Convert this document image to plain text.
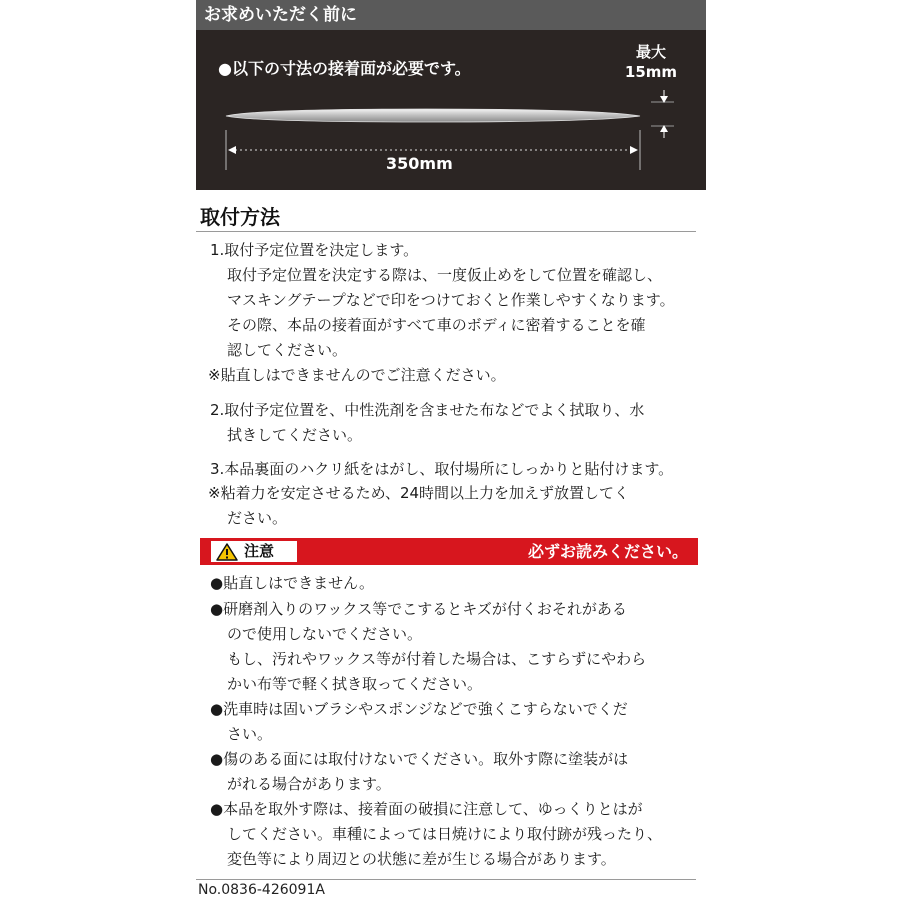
お求めいただく前に
●以下の寸法の接着面が必要です。
最大
15mm
350mm
取付方法
1.取付予定位置を決定します。
取付予定位置を決定する際は、一度仮止めをして位置を確認し、
マスキングテープなどで印をつけておくと作業しやすくなります。
その際、本品の接着面がすべて車のボディに密着することを確
認してください。
※貼直しはできませんのでご注意ください。
2.取付予定位置を、中性洗剤を含ませた布などでよく拭取り、水
拭きしてください。
3.本品裏面のハクリ紙をはがし、取付場所にしっかりと貼付けます。
※粘着力を安定させるため、24時間以上力を加えず放置してく
ださい。
注意	必ずお読みください。
●貼直しはできません。
●研磨剤入りのワックス等でこするとキズが付くおそれがある
ので使用しないでください。
もし、汚れやワックス等が付着した場合は、こすらずにやわら
かい布等で軽く拭き取ってください。
●洗車時は固いブラシやスポンジなどで強くこすらないでくだ
さい。
●傷のある面には取付けないでください。取外す際に塗装がは
がれる場合があります。
●本品を取外す際は、接着面の破損に注意して、ゆっくりとはが
してください。車種によっては日焼けにより取付跡が残ったり、
変色等により周辺との状態に差が生じる場合があります。
No.0836-426091A
